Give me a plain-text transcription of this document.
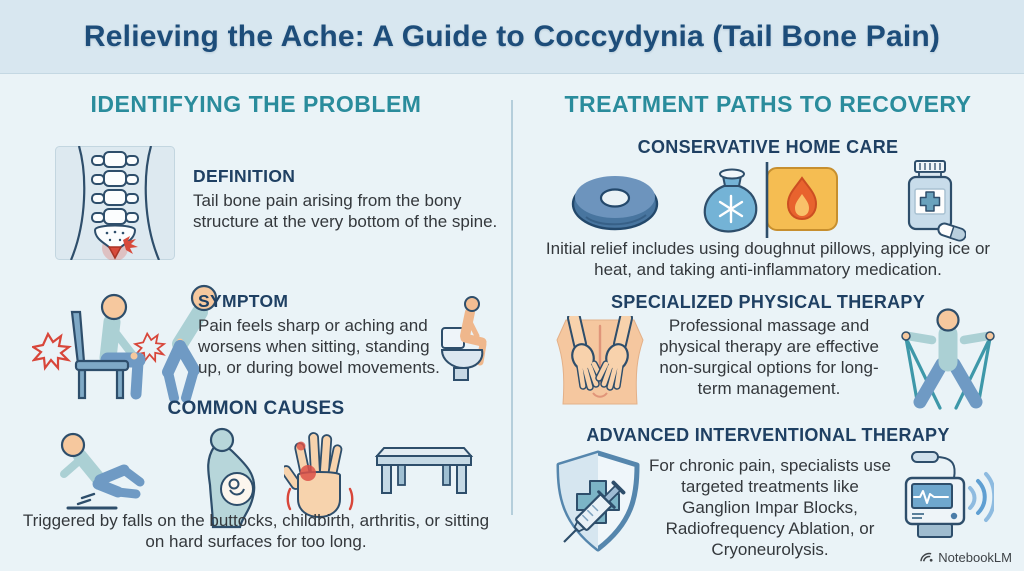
Relieving the Ache: A Guide to Coccydynia (Tail Bone Pain)
IDENTIFYING THE PROBLEM
DEFINITION
Tail bone pain arising from the bony structure at the very bottom of the spine.
SYMPTOM
Pain feels sharp or aching and worsens when sitting, standing up, or during bowel movements.
COMMON CAUSES
Triggered by falls on the buttocks, childbirth, arthritis, or sitting on hard surfaces for too long.
TREATMENT PATHS TO RECOVERY
CONSERVATIVE HOME CARE
Initial relief includes using doughnut pillows, applying ice or heat, and taking anti-inflammatory medication.
SPECIALIZED PHYSICAL THERAPY
Professional massage and physical therapy are effective non-surgical options for long-term management.
ADVANCED INTERVENTIONAL THERAPY
For chronic pain, specialists use targeted treatments like Ganglion Impar Blocks, Radiofrequency Ablation, or Cryoneurolysis.	NotebookLM
